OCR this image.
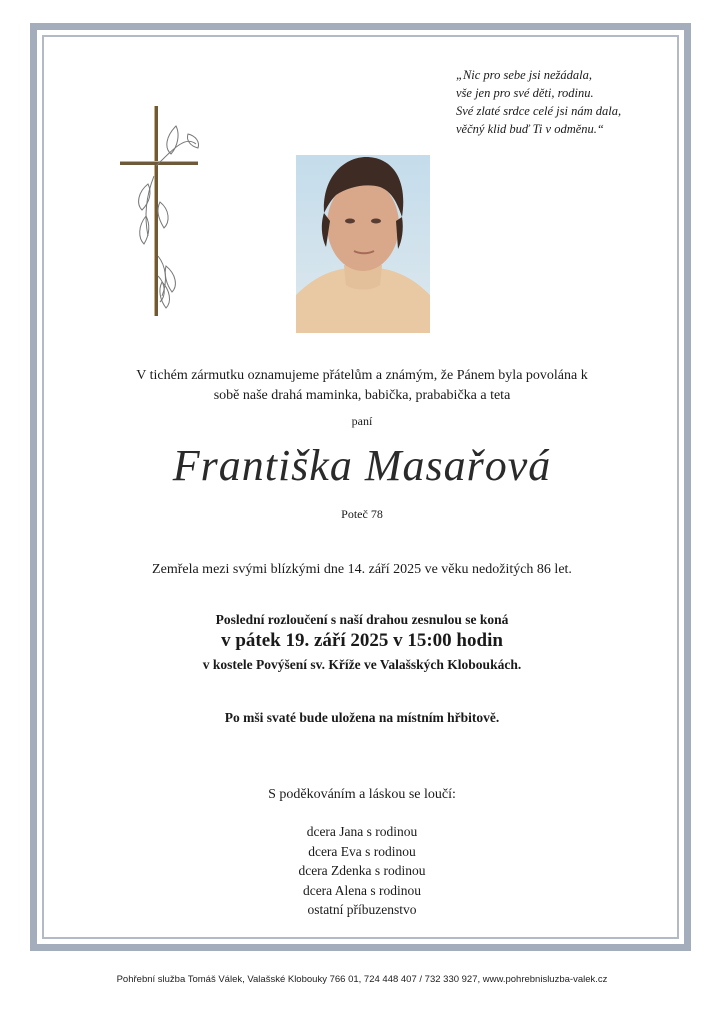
„Nic pro sebe jsi nežádala,
vše jen pro své děti, rodinu.
Své zlaté srdce celé jsi nám dala,
věčný klid buď Ti v odměnu.“
V tichém zármutku oznamujeme přátelům a známým, že Pánem byla povolána k
sobě naše drahá maminka, babička, prababička a teta
paní
Františka Masařová
Poteč 78
Zemřela mezi svými blízkými dne 14. září 2025 ve věku nedožitých 86 let.
Poslední rozloučení s naší drahou zesnulou se koná
v pátek 19. září 2025 v 15:00 hodin
v kostele Povýšení sv. Kříže ve Valašských Kloboukách.
Po mši svaté bude uložena na místním hřbitově.
S poděkováním a láskou se loučí:
dcera Jana s rodinou
dcera Eva s rodinou
dcera Zdenka s rodinou
dcera Alena s rodinou
ostatní příbuzenstvo
Pohřební služba Tomáš Válek, Valašské Klobouky 766 01, 724 448 407 / 732 330 927, www.pohrebnisluzba-valek.cz
